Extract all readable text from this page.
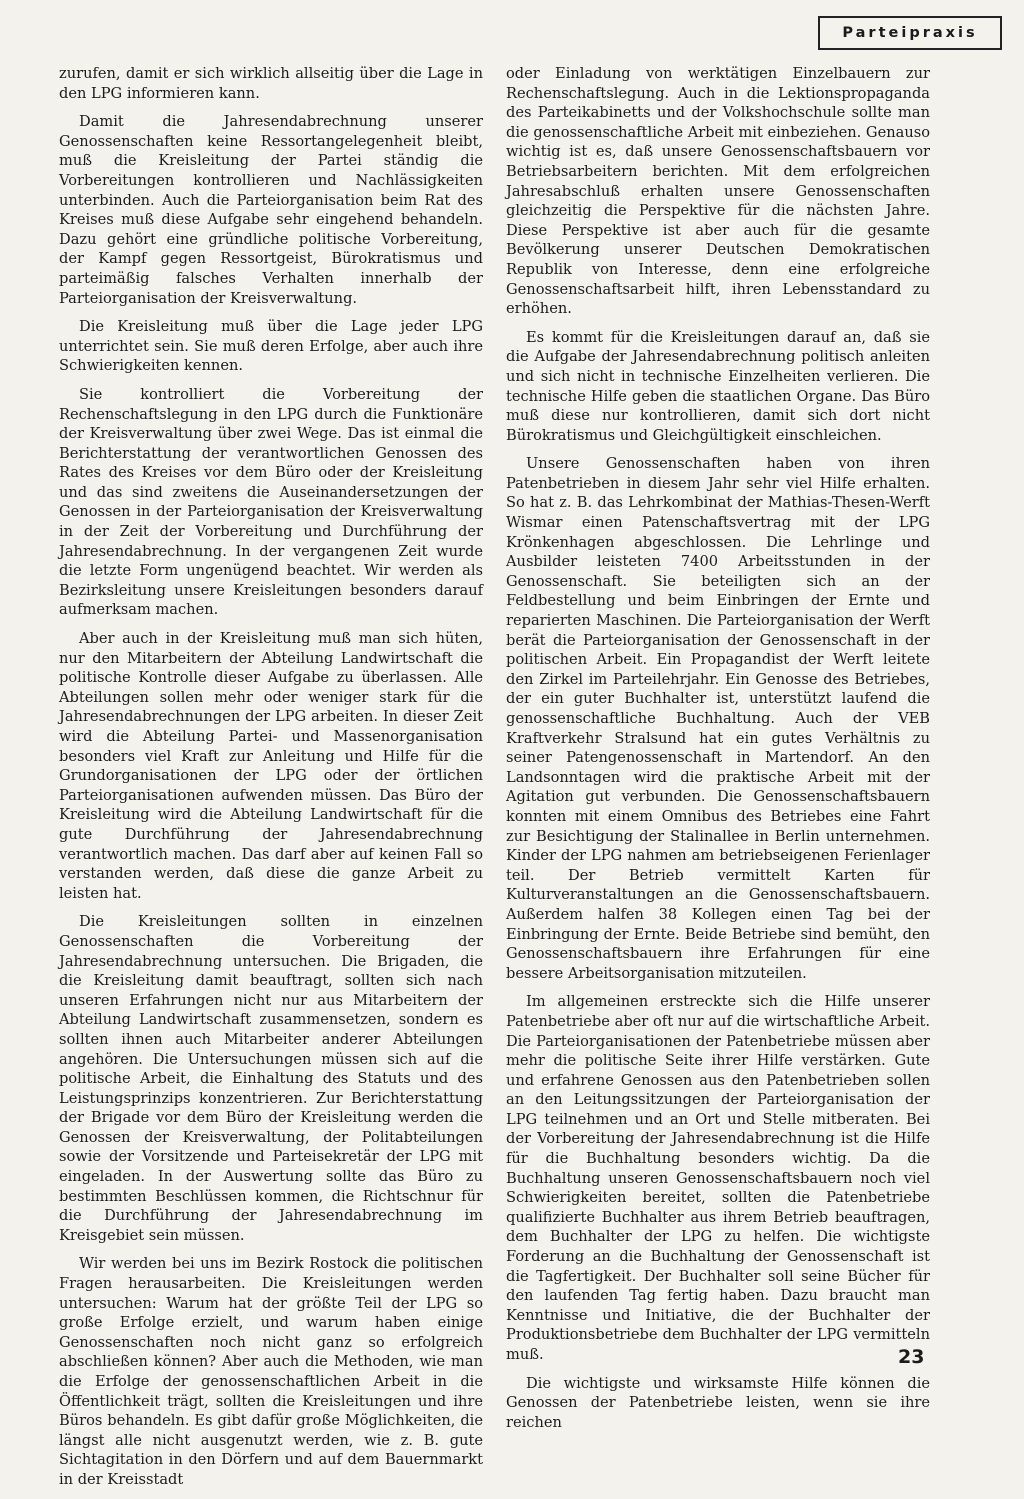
Parteipraxis

zurufen, damit er sich wirklich allseitig über die Lage in den LPG informieren kann.

Damit die Jahresendabrechnung unserer Genossenschaften keine Ressortangelegenheit bleibt, muß die Kreisleitung der Partei ständig die Vorbereitungen kontrollieren und Nachlässigkeiten unterbinden. Auch die Parteiorganisation beim Rat des Kreises muß diese Aufgabe sehr eingehend behandeln. Dazu gehört eine gründliche politische Vorbereitung, der Kampf gegen Ressortgeist, Bürokratismus und parteimäßig falsches Verhalten innerhalb der Parteiorganisation der Kreisverwaltung.

Die Kreisleitung muß über die Lage jeder LPG unterrichtet sein. Sie muß deren Erfolge, aber auch ihre Schwierigkeiten kennen.

Sie kontrolliert die Vorbereitung der Rechenschaftslegung in den LPG durch die Funktionäre der Kreisverwaltung über zwei Wege. Das ist einmal die Berichterstattung der verantwortlichen Genossen des Rates des Kreises vor dem Büro oder der Kreisleitung und das sind zweitens die Auseinandersetzungen der Genossen in der Parteiorganisation der Kreisverwaltung in der Zeit der Vorbereitung und Durchführung der Jahresendabrechnung. In der vergangenen Zeit wurde die letzte Form ungenügend beachtet. Wir werden als Bezirksleitung unsere Kreisleitungen besonders darauf aufmerksam machen.

Aber auch in der Kreisleitung muß man sich hüten, nur den Mitarbeitern der Abteilung Landwirtschaft die politische Kontrolle dieser Aufgabe zu überlassen. Alle Abteilungen sollen mehr oder weniger stark für die Jahresendabrechnungen der LPG arbeiten. In dieser Zeit wird die Abteilung Partei- und Massenorganisation besonders viel Kraft zur Anleitung und Hilfe für die Grundorganisationen der LPG oder der örtlichen Parteiorganisationen aufwenden müssen. Das Büro der Kreisleitung wird die Abteilung Landwirtschaft für die gute Durchführung der Jahresendabrechnung verantwortlich machen. Das darf aber auf keinen Fall so verstanden werden, daß diese die ganze Arbeit zu leisten hat.

Die Kreisleitungen sollten in einzelnen Genossenschaften die Vorbereitung der Jahresendabrechnung untersuchen. Die Brigaden, die die Kreisleitung damit beauftragt, sollten sich nach unseren Erfahrungen nicht nur aus Mitarbeitern der Abteilung Landwirtschaft zusammensetzen, sondern es sollten ihnen auch Mitarbeiter anderer Abteilungen angehören. Die Untersuchungen müssen sich auf die politische Arbeit, die Einhaltung des Statuts und des Leistungsprinzips konzentrieren. Zur Berichterstattung der Brigade vor dem Büro der Kreisleitung werden die Genossen der Kreisverwaltung, der Politabteilungen sowie der Vorsitzende und Parteisekretär der LPG mit eingeladen. In der Auswertung sollte das Büro zu bestimmten Beschlüssen kommen, die Richtschnur für die Durchführung der Jahresendabrechnung im Kreisgebiet sein müssen.

Wir werden bei uns im Bezirk Rostock die politischen Fragen herausarbeiten. Die Kreisleitungen werden untersuchen: Warum hat der größte Teil der LPG so große Erfolge erzielt, und warum haben einige Genossenschaften noch nicht ganz so erfolgreich abschließen können? Aber auch die Methoden, wie man die Erfolge der genossenschaftlichen Arbeit in die Öffentlichkeit trägt, sollten die Kreisleitungen und ihre Büros behandeln. Es gibt dafür große Möglichkeiten, die längst alle nicht ausgenutzt werden, wie z. B. gute Sichtagitation in den Dörfern und auf dem Bauernmarkt in der Kreisstadt

oder Einladung von werktätigen Einzelbauern zur Rechenschaftslegung. Auch in die Lektionspropaganda des Parteikabinetts und der Volkshochschule sollte man die genossenschaftliche Arbeit mit einbeziehen. Genauso wichtig ist es, daß unsere Genossenschaftsbauern vor Betriebsarbeitern berichten. Mit dem erfolgreichen Jahresabschluß erhalten unsere Genossenschaften gleichzeitig die Perspektive für die nächsten Jahre. Diese Perspektive ist aber auch für die gesamte Bevölkerung unserer Deutschen Demokratischen Republik von Interesse, denn eine erfolgreiche Genossenschaftsarbeit hilft, ihren Lebensstandard zu erhöhen.

Es kommt für die Kreisleitungen darauf an, daß sie die Aufgabe der Jahresendabrechnung politisch anleiten und sich nicht in technische Einzelheiten verlieren. Die technische Hilfe geben die staatlichen Organe. Das Büro muß diese nur kontrollieren, damit sich dort nicht Bürokratismus und Gleichgültigkeit einschleichen.

Unsere Genossenschaften haben von ihren Patenbetrieben in diesem Jahr sehr viel Hilfe erhalten. So hat z. B. das Lehrkombinat der Mathias-Thesen-Werft Wismar einen Patenschaftsvertrag mit der LPG Krönkenhagen abgeschlossen. Die Lehrlinge und Ausbilder leisteten 7400 Arbeitsstunden in der Genossenschaft. Sie beteiligten sich an der Feldbestellung und beim Einbringen der Ernte und reparierten Maschinen. Die Parteiorganisation der Werft berät die Parteiorganisation der Genossenschaft in der politischen Arbeit. Ein Propagandist der Werft leitete den Zirkel im Parteilehrjahr. Ein Genosse des Betriebes, der ein guter Buchhalter ist, unterstützt laufend die genossenschaftliche Buchhaltung. Auch der VEB Kraftverkehr Stralsund hat ein gutes Verhältnis zu seiner Patengenossenschaft in Martendorf. An den Landsonntagen wird die praktische Arbeit mit der Agitation gut verbunden. Die Genossenschaftsbauern konnten mit einem Omnibus des Betriebes eine Fahrt zur Besichtigung der Stalinallee in Berlin unternehmen. Kinder der LPG nahmen am betriebseigenen Ferienlager teil. Der Betrieb vermittelt Karten für Kulturveranstaltungen an die Genossenschaftsbauern. Außerdem halfen 38 Kollegen einen Tag bei der Einbringung der Ernte. Beide Betriebe sind bemüht, den Genossenschaftsbauern ihre Erfahrungen für eine bessere Arbeitsorganisation mitzuteilen.

Im allgemeinen erstreckte sich die Hilfe unserer Patenbetriebe aber oft nur auf die wirtschaftliche Arbeit. Die Parteiorganisationen der Patenbetriebe müssen aber mehr die politische Seite ihrer Hilfe verstärken. Gute und erfahrene Genossen aus den Patenbetrieben sollen an den Leitungssitzungen der Parteiorganisation der LPG teilnehmen und an Ort und Stelle mitberaten. Bei der Vorbereitung der Jahresendabrechnung ist die Hilfe für die Buchhaltung besonders wichtig. Da die Buchhaltung unseren Genossenschaftsbauern noch viel Schwierigkeiten bereitet, sollten die Patenbetriebe qualifizierte Buchhalter aus ihrem Betrieb beauftragen, dem Buchhalter der LPG zu helfen. Die wichtigste Forderung an die Buchhaltung der Genossenschaft ist die Tagfertigkeit. Der Buchhalter soll seine Bücher für den laufenden Tag fertig haben. Dazu braucht man Kenntnisse und Initiative, die der Buchhalter der Produktionsbetriebe dem Buchhalter der LPG vermitteln muß.

Die wichtigste und wirksamste Hilfe können die Genossen der Patenbetriebe leisten, wenn sie ihre reichen

23
